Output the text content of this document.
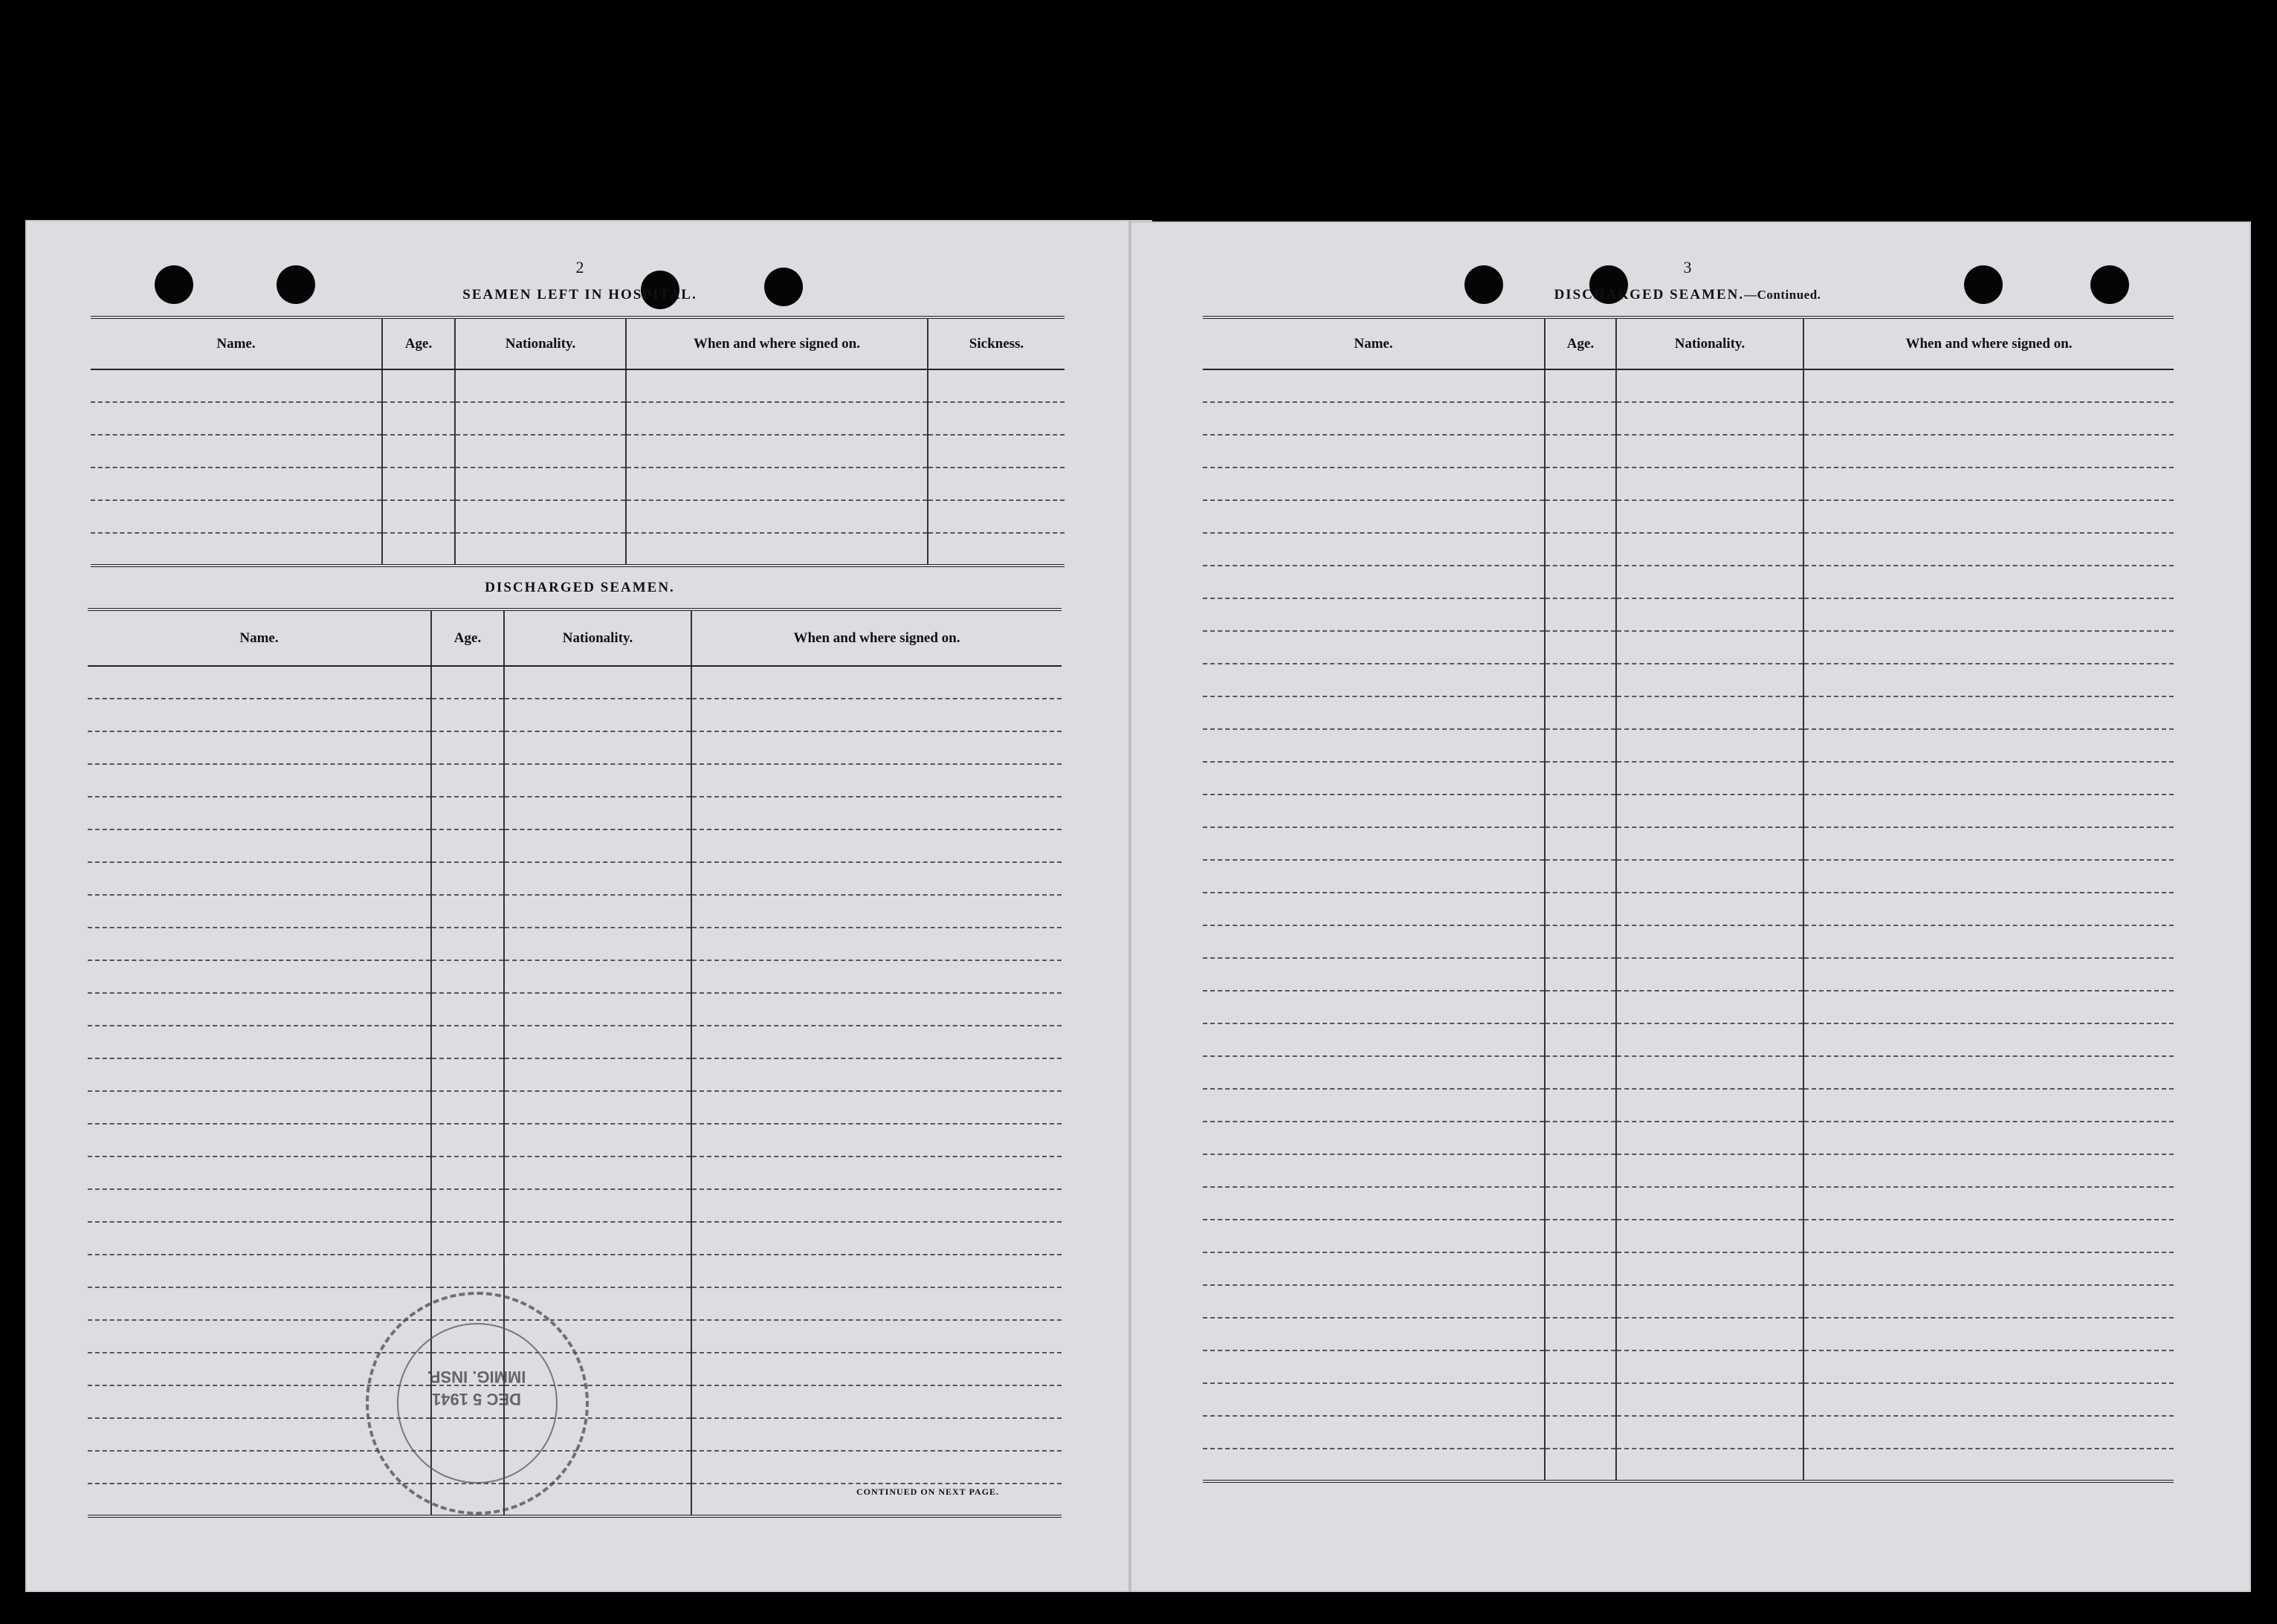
2
SEAMEN LEFT IN HOSPITAL.
Name.	Age.	Nationality.	When and where signed on.	Sickness.

DISCHARGED SEAMEN.
Name.	Age.	Nationality.	When and where signed on.

CONTINUED ON NEXT PAGE.
DEC 5 1941
IMMIG. INSP.
3
DISCHARGED SEAMEN.—Continued.
Name.	Age.	Nationality.	When and where signed on.
